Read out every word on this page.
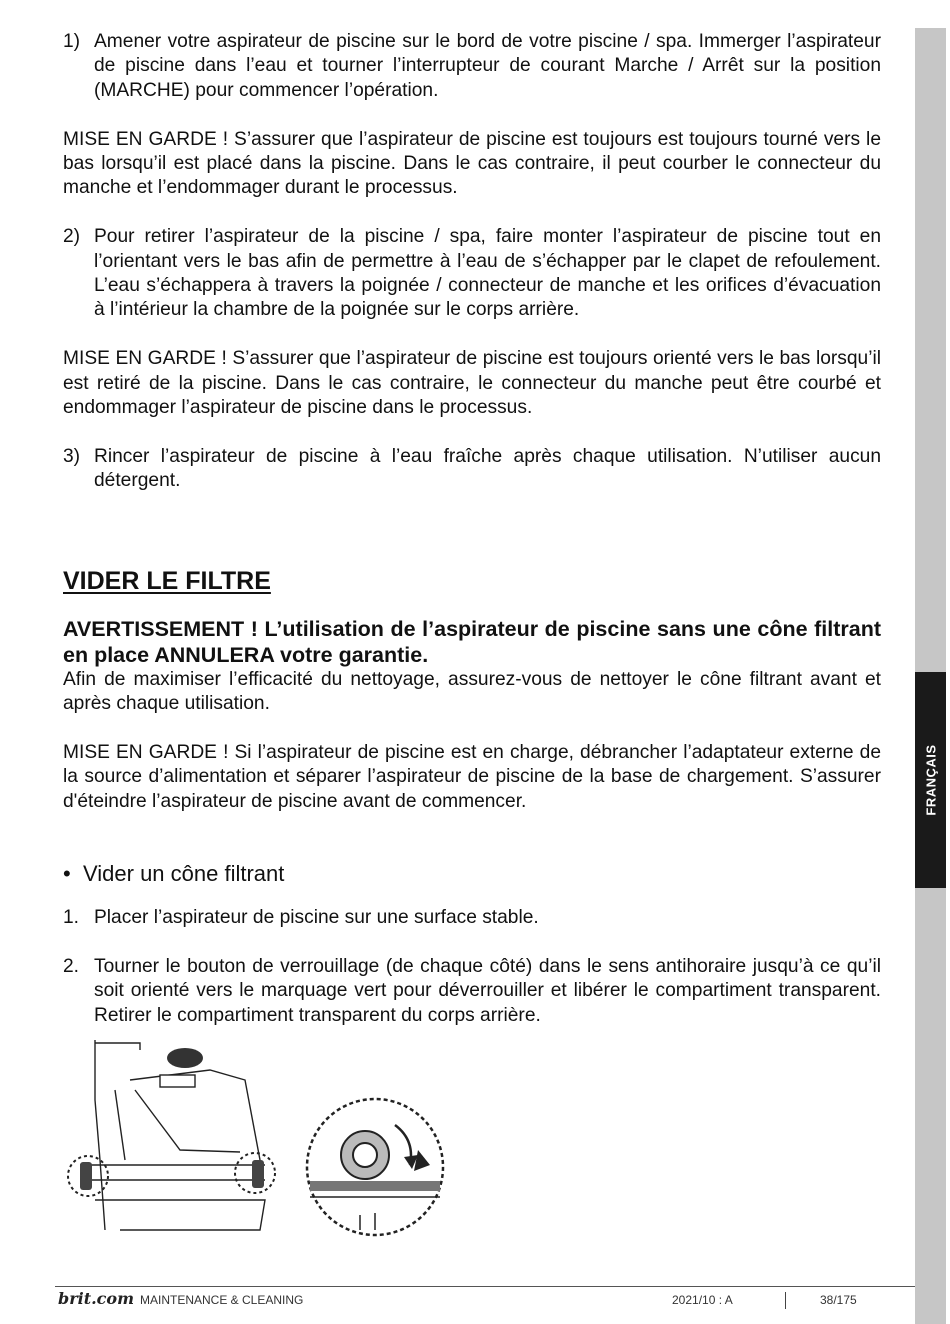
FRANÇAIS
1) Amener votre aspirateur de piscine sur le bord de votre piscine / spa. Immerger l’aspirateur de piscine dans l’eau et tourner l’interrupteur de courant Marche / Arrêt sur la position (MARCHE) pour commencer l’opération.

MISE EN GARDE ! S’assurer que l’aspirateur de piscine est toujours est toujours tourné vers le bas lorsqu’il est placé dans la piscine. Dans le cas contraire, il peut courber le connecteur du manche et l’endommager durant le processus.

2) Pour retirer l’aspirateur de la piscine / spa, faire monter l’aspirateur de piscine tout en l’orientant vers le bas afin de permettre à l’eau de s’échapper par le clapet de refoulement. L’eau s’échappera à travers la poignée / connecteur de manche et les orifices d’évacuation à l’intérieur la chambre de la poignée sur le corps arrière.

MISE EN GARDE ! S’assurer que l’aspirateur de piscine est toujours orienté vers le bas lorsqu’il est retiré de la piscine. Dans le cas contraire, le connecteur du manche peut être courbé et endommager l’aspirateur de piscine dans le processus.

3) Rincer l’aspirateur de piscine à l’eau fraîche après chaque utilisation. N’utiliser aucun détergent.
VIDER LE FILTRE

AVERTISSEMENT ! L’utilisation de l’aspirateur de piscine sans une cône filtrant en place ANNULERA votre garantie.

Afin de maximiser l’efficacité du nettoyage, assurez-vous de nettoyer le cône filtrant avant et après chaque utilisation.

MISE EN GARDE ! Si l’aspirateur de piscine est en charge, débrancher l’adaptateur externe de la source d’alimentation et séparer l’aspirateur de piscine de la base de chargement. S’assurer d'éteindre l’aspirateur de piscine avant de commencer.

• Vider un cône filtrant

1. Placer l’aspirateur de piscine sur une surface stable.
2. Tourner le bouton de verrouillage (de chaque côté) dans le sens antihoraire jusqu’à ce qu’il soit orienté vers le marquage vert pour déverrouiller et libérer le compartiment transparent. Retirer le compartiment transparent du corps arrière.
brit.com MAINTENANCE & CLEANING	2021/10 : A	38/175
